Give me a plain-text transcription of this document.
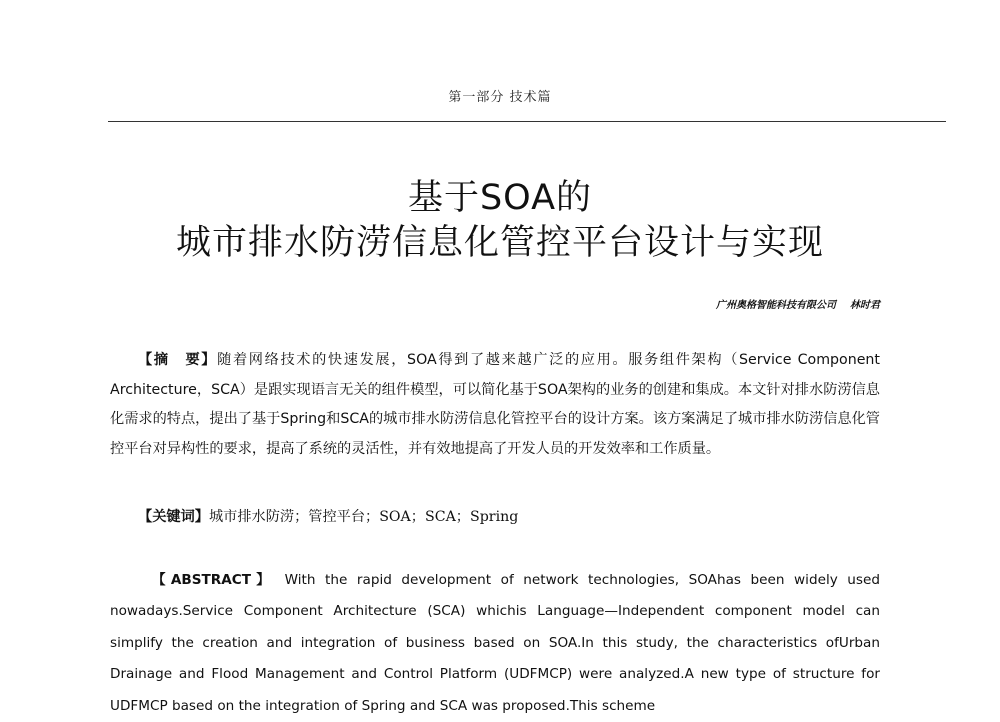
第一部分 技术篇
基于SOA的
城市排水防涝信息化管控平台设计与实现
广州奥格智能科技有限公司 林时君
【摘　要】随着网络技术的快速发展，SOA得到了越来越广泛的应用。服务组件架构（Service Component Architecture，SCA）是跟实现语言无关的组件模型，可以简化基于SOA架构的业务的创建和集成。本文针对排水防涝信息化需求的特点，提出了基于Spring和SCA的城市排水防涝信息化管控平台的设计方案。该方案满足了城市排水防涝信息化管控平台对异构性的要求，提高了系统的灵活性，并有效地提高了开发人员的开发效率和工作质量。
【关键词】城市排水防涝；管控平台；SOA；SCA；Spring
【ABSTRACT】 With the rapid development of network technologies, SOAhas been widely used nowadays.Service Component Architecture (SCA) whichis Language—Independent component model can simplify the creation and integration of business based on SOA.In this study, the characteristics ofUrban Drainage and Flood Management and Control Platform (UDFMCP) were analyzed.A new type of structure for UDFMCP based on the integration of Spring and SCA was proposed.This scheme
